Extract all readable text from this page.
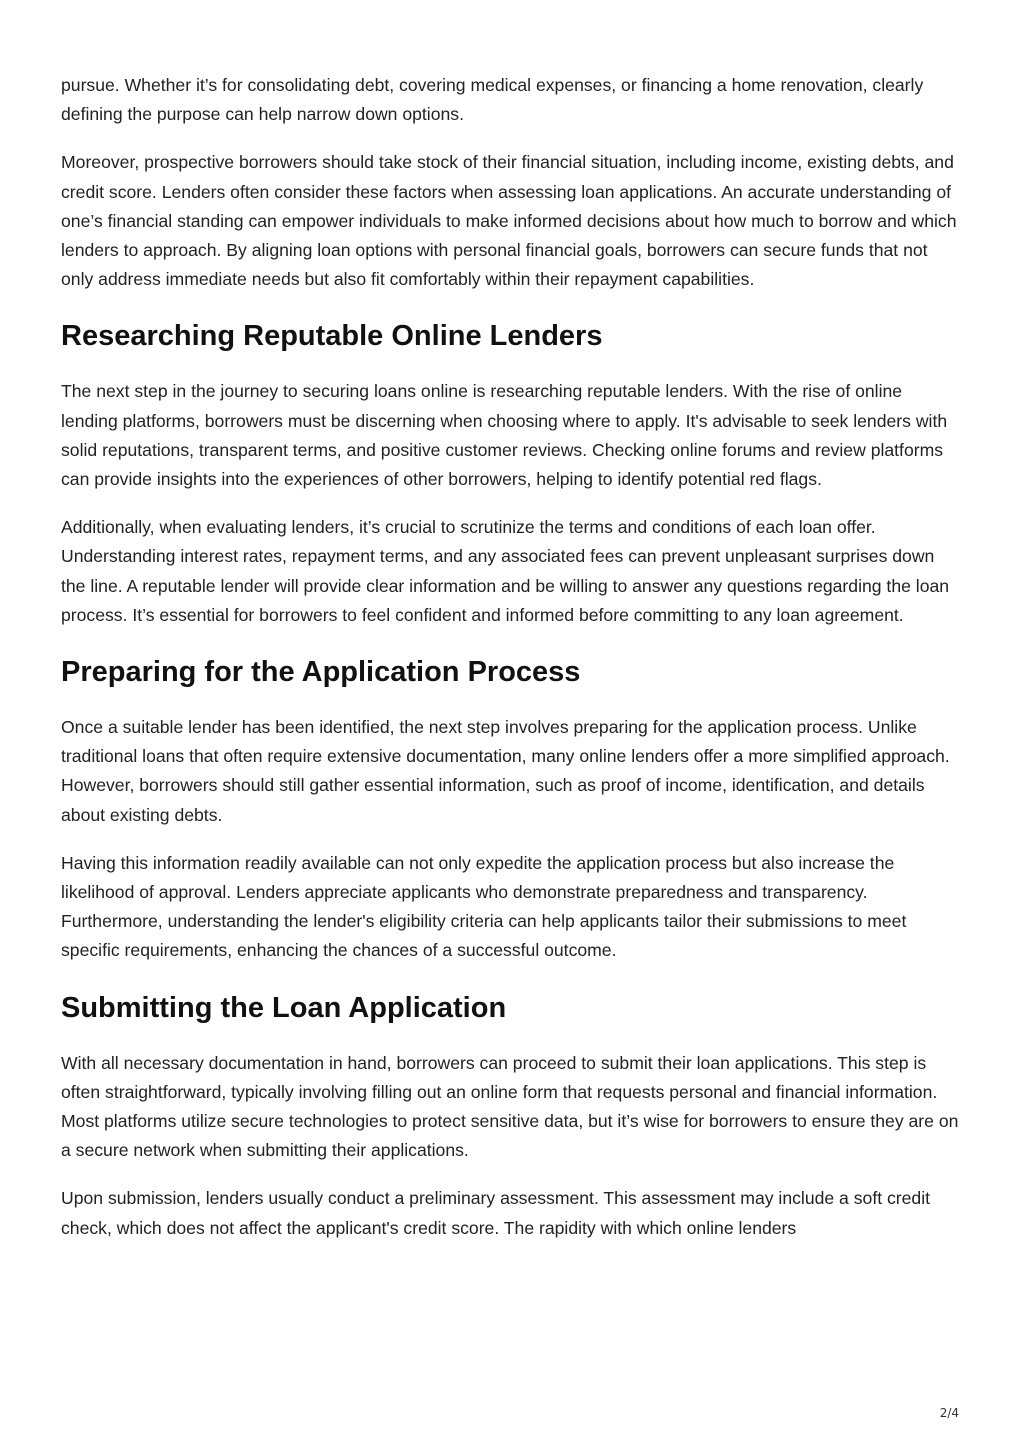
pursue. Whether it’s for consolidating debt, covering medical expenses, or financing a home renovation, clearly defining the purpose can help narrow down options.

Moreover, prospective borrowers should take stock of their financial situation, including income, existing debts, and credit score. Lenders often consider these factors when assessing loan applications. An accurate understanding of one’s financial standing can empower individuals to make informed decisions about how much to borrow and which lenders to approach. By aligning loan options with personal financial goals, borrowers can secure funds that not only address immediate needs but also fit comfortably within their repayment capabilities.

Researching Reputable Online Lenders

The next step in the journey to securing loans online is researching reputable lenders. With the rise of online lending platforms, borrowers must be discerning when choosing where to apply. It's advisable to seek lenders with solid reputations, transparent terms, and positive customer reviews. Checking online forums and review platforms can provide insights into the experiences of other borrowers, helping to identify potential red flags.

Additionally, when evaluating lenders, it’s crucial to scrutinize the terms and conditions of each loan offer. Understanding interest rates, repayment terms, and any associated fees can prevent unpleasant surprises down the line. A reputable lender will provide clear information and be willing to answer any questions regarding the loan process. It’s essential for borrowers to feel confident and informed before committing to any loan agreement.

Preparing for the Application Process

Once a suitable lender has been identified, the next step involves preparing for the application process. Unlike traditional loans that often require extensive documentation, many online lenders offer a more simplified approach. However, borrowers should still gather essential information, such as proof of income, identification, and details about existing debts.

Having this information readily available can not only expedite the application process but also increase the likelihood of approval. Lenders appreciate applicants who demonstrate preparedness and transparency. Furthermore, understanding the lender's eligibility criteria can help applicants tailor their submissions to meet specific requirements, enhancing the chances of a successful outcome.

Submitting the Loan Application

With all necessary documentation in hand, borrowers can proceed to submit their loan applications. This step is often straightforward, typically involving filling out an online form that requests personal and financial information. Most platforms utilize secure technologies to protect sensitive data, but it’s wise for borrowers to ensure they are on a secure network when submitting their applications.

Upon submission, lenders usually conduct a preliminary assessment. This assessment may include a soft credit check, which does not affect the applicant's credit score. The rapidity with which online lenders

2/4
